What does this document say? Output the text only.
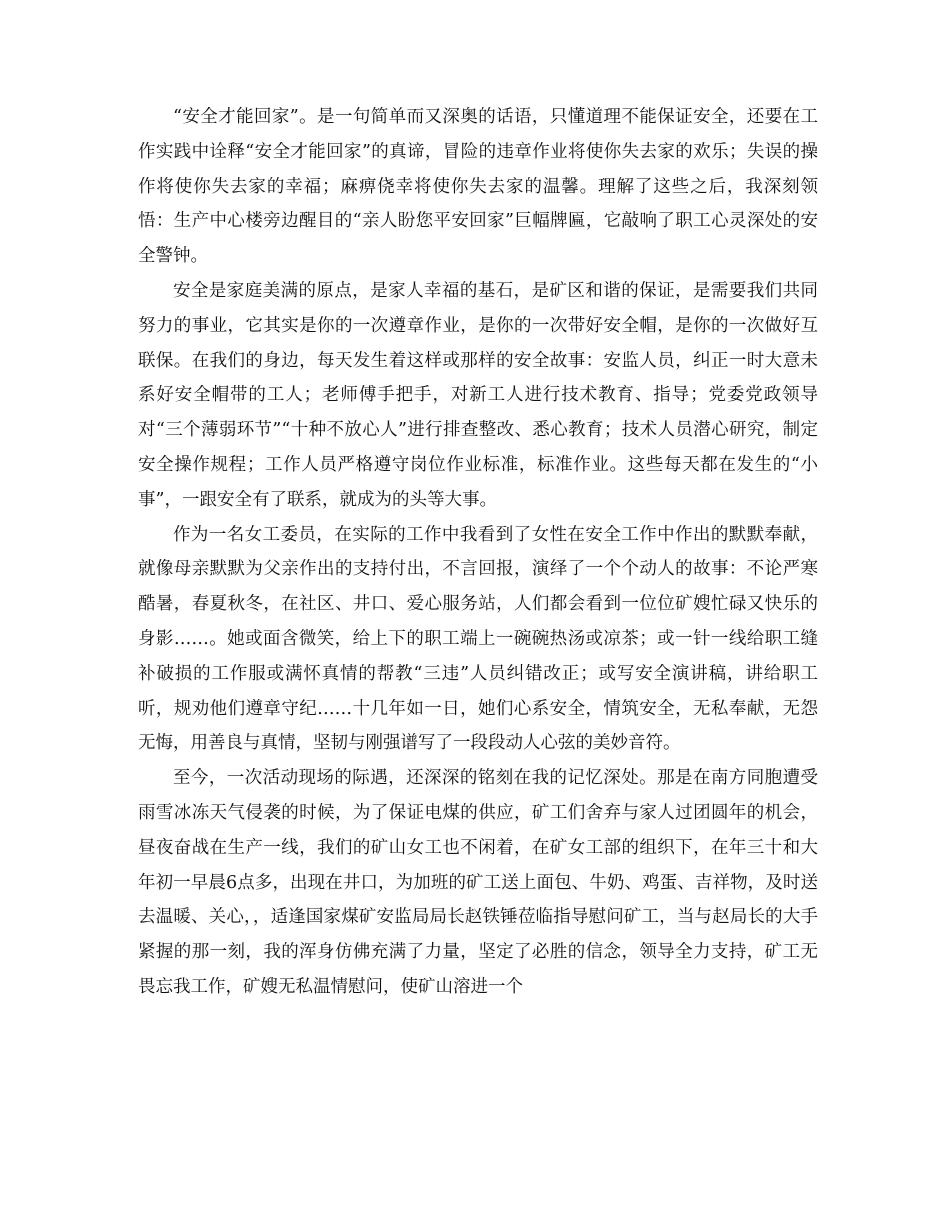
“安全才能回家”。是一句简单而又深奥的话语，只懂道理不能保证安全，还要在工作实践中诠释“安全才能回家”的真谛，冒险的违章作业将使你失去家的欢乐；失误的操作将使你失去家的幸福；麻痹侥幸将使你失去家的温馨。理解了这些之后，我深刻领悟：生产中心楼旁边醒目的“亲人盼您平安回家”巨幅牌匾，它敲响了职工心灵深处的安全警钟。

安全是家庭美满的原点，是家人幸福的基石，是矿区和谐的保证，是需要我们共同努力的事业，它其实是你的一次遵章作业，是你的一次带好安全帽，是你的一次做好互联保。在我们的身边，每天发生着这样或那样的安全故事：安监人员，纠正一时大意未系好安全帽带的工人；老师傅手把手，对新工人进行技术教育、指导；党委党政领导对“三个薄弱环节”“十种不放心人”进行排查整改、悉心教育；技术人员潜心研究，制定安全操作规程；工作人员严格遵守岗位作业标准，标准作业。这些每天都在发生的“小事”，一跟安全有了联系，就成为的头等大事。

作为一名女工委员，在实际的工作中我看到了女性在安全工作中作出的默默奉献，就像母亲默默为父亲作出的支持付出，不言回报，演绎了一个个动人的故事：不论严寒酷暑，春夏秋冬，在社区、井口、爱心服务站，人们都会看到一位位矿嫂忙碌又快乐的身影……。她或面含微笑，给上下的职工端上一碗碗热汤或凉茶；或一针一线给职工缝补破损的工作服或满怀真情的帮教“三违”人员纠错改正；或写安全演讲稿，讲给职工听，规劝他们遵章守纪……十几年如一日，她们心系安全，情筑安全，无私奉献，无怨无悔，用善良与真情，坚韧与刚强谱写了一段段动人心弦的美妙音符。

至今，一次活动现场的际遇，还深深的铭刻在我的记忆深处。那是在南方同胞遭受雨雪冰冻天气侵袭的时候，为了保证电煤的供应，矿工们舍弃与家人过团圆年的机会，昼夜奋战在生产一线，我们的矿山女工也不闲着，在矿女工部的组织下，在年三十和大年初一早晨6点多，出现在井口，为加班的矿工送上面包、牛奶、鸡蛋、吉祥物，及时送去温暖、关心，，适逢国家煤矿安监局局长赵铁锤莅临指导慰问矿工，当与赵局长的大手紧握的那一刻，我的浑身仿佛充满了力量，坚定了必胜的信念，领导全力支持，矿工无畏忘我工作，矿嫂无私温情慰问，使矿山溶进一个
